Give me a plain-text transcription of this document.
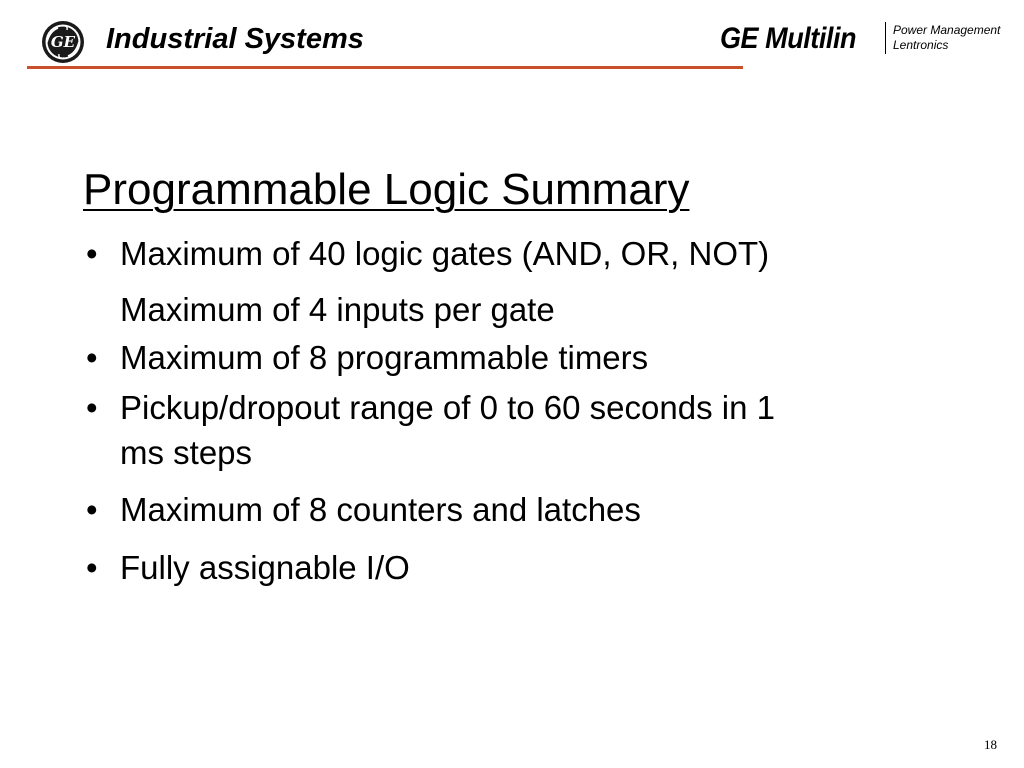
GE Industrial Systems	GE Multilin	Power Management
Lentronics
Programmable Logic Summary
• Maximum of 40 logic gates (AND, OR, NOT)
Maximum of 4 inputs per gate
• Maximum of 8 programmable timers
• Pickup/dropout range of 0 to 60 seconds in 1
ms steps
• Maximum of 8 counters and latches
• Fully assignable I/O
18
